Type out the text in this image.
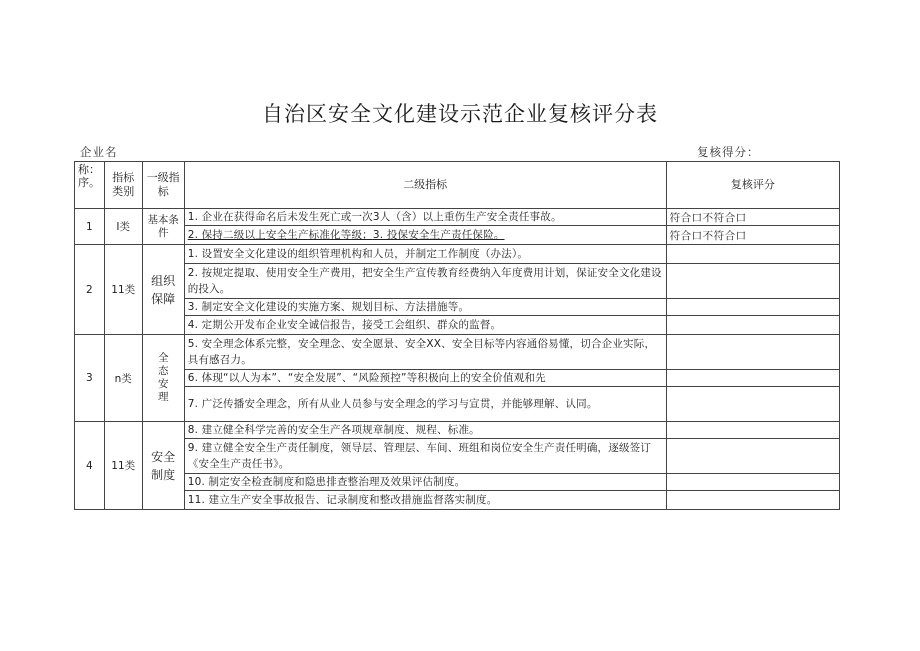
自治区安全文化建设示范企业复核评分表
企业名	复核得分：
称：序。	指标类别	一级指标	二级指标	复核评分
1	I类	基本条件	1. 企业在获得命名后未发生死亡或一次3人（含）以上重伤生产安全责任事故。	符合口不符合口
			2. 保持二级以上安全生产标准化等级；3. 投保安全生产责任保险。	符合口不符合口
2	11类	组织保障	1. 设置安全文化建设的组织管理机构和人员，并制定工作制度（办法）。	
			2. 按规定提取、使用安全生产费用，把安全生产宣传教育经费纳入年度费用计划，保证安全文化建设的投入。	
			3. 制定安全文化建设的实施方案、规划目标、方法措施等。	
			4. 定期公开发布企业安全诚信报告，接受工会组织、群众的监督。	
3	n类	全态安理	5. 安全理念体系完整，安全理念、安全愿景、安全XX、安全目标等内容通俗易懂，切合企业实际，具有感召力。	
			6. 体现“以人为本”、“安全发展”、“风险预控”等积极向上的安全价值观和先	
			7. 广泛传播安全理念，所有从业人员参与安全理念的学习与宣贯，并能够理解、认同。	
4	11类	安全制度	8. 建立健全科学完善的安全生产各项规章制度、规程、标准。	
			9. 建立健全安全生产责任制度，领导层、管理层、车间、班组和岗位安全生产责任明确，逐级签订《安全生产责任书》。	
			10. 制定安全检查制度和隐患排查整治理及效果评估制度。	
			11. 建立生产安全事故报告、记录制度和整改措施监督落实制度。	
